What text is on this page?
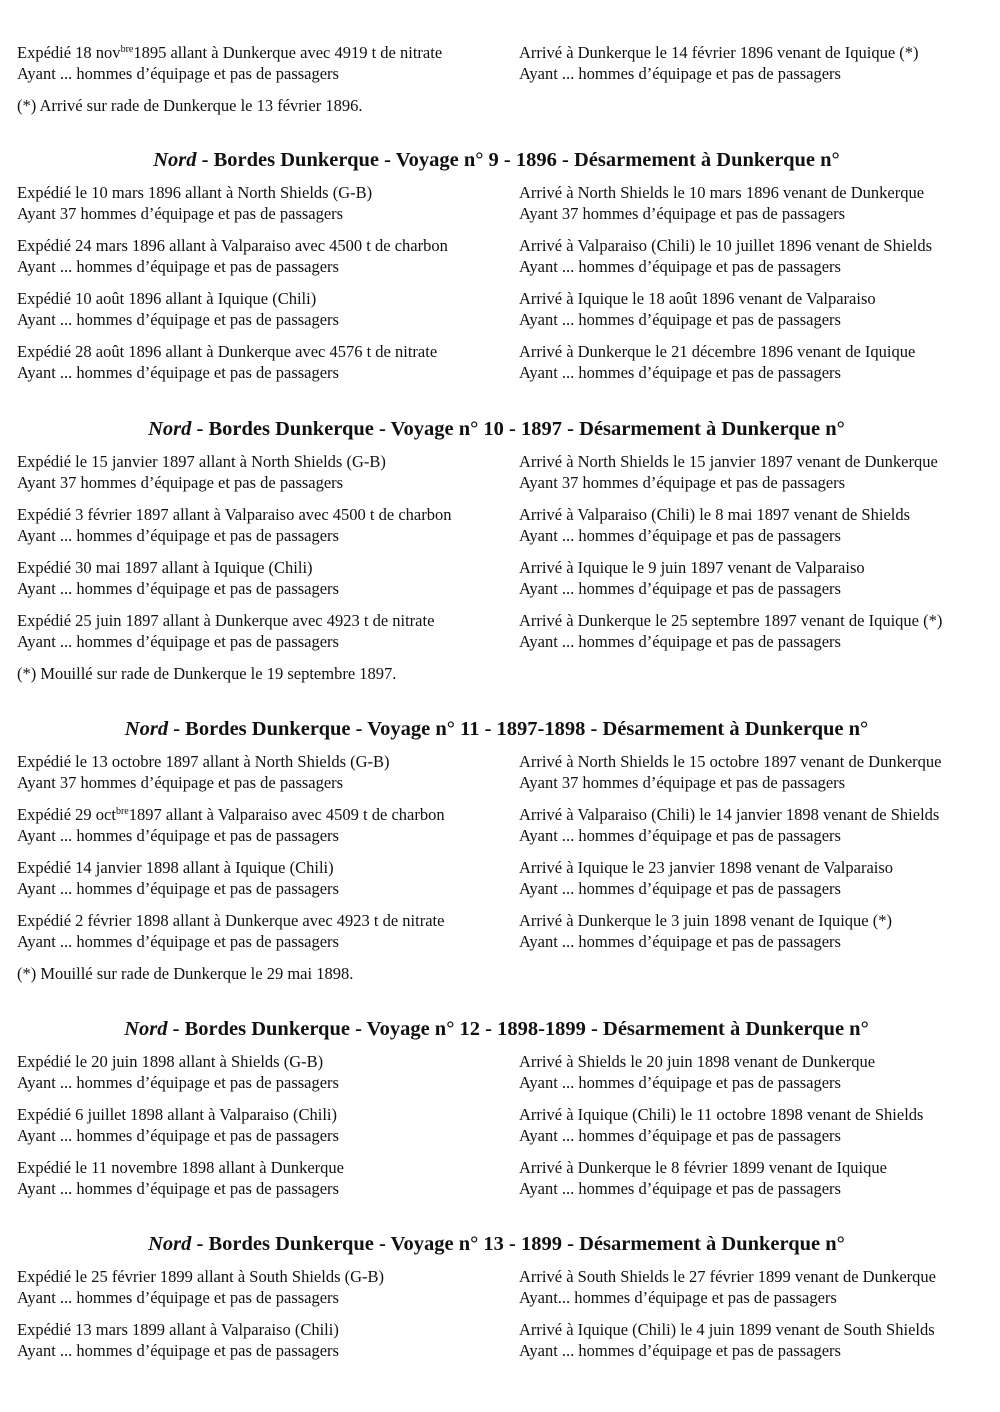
Expédié 18 nov$^{bre}$1895 allant à Dunkerque avec 4919 t de nitrate
Ayant ... hommes d’équipage et pas de passagers
Arrivé à Dunkerque le 14 février 1896 venant de Iquique (*)
Ayant ... hommes d’équipage et pas de passagers
(*) Arrivé sur rade de Dunkerque le 13 février 1896.
Nord - Bordes Dunkerque - Voyage n° 9 - 1896 - Désarmement à Dunkerque n°
Expédié le 10 mars 1896 allant à North Shields (G-B)
Ayant 37 hommes d’équipage et pas de passagers
Arrivé à North Shields le 10 mars 1896 venant de Dunkerque
Ayant 37 hommes d’équipage et pas de passagers
Expédié 24 mars 1896 allant à Valparaiso avec 4500 t de charbon
Ayant ... hommes d’équipage et pas de passagers
Arrivé à Valparaiso (Chili) le 10 juillet 1896 venant de Shields
Ayant ... hommes d’équipage et pas de passagers
Expédié 10 août 1896 allant à Iquique (Chili)
Ayant ... hommes d’équipage et pas de passagers
Arrivé à Iquique le 18 août 1896 venant de Valparaiso
Ayant ... hommes d’équipage et pas de passagers
Expédié 28 août 1896 allant à Dunkerque avec 4576 t de nitrate
Ayant ... hommes d’équipage et pas de passagers
Arrivé à Dunkerque le 21 décembre 1896 venant de Iquique
Ayant ... hommes d’équipage et pas de passagers
Nord - Bordes Dunkerque - Voyage n° 10 - 1897 - Désarmement à Dunkerque n°
Expédié le 15 janvier 1897 allant à North Shields (G-B)
Ayant 37 hommes d’équipage et pas de passagers
Arrivé à North Shields le 15 janvier 1897 venant de Dunkerque
Ayant 37 hommes d’équipage et pas de passagers
Expédié 3 février 1897 allant à Valparaiso avec 4500 t de charbon
Ayant ... hommes d’équipage et pas de passagers
Arrivé à Valparaiso (Chili) le 8 mai 1897 venant de Shields
Ayant ... hommes d’équipage et pas de passagers
Expédié 30 mai 1897 allant à Iquique (Chili)
Ayant ... hommes d’équipage et pas de passagers
Arrivé à Iquique le 9 juin 1897 venant de Valparaiso
Ayant ... hommes d’équipage et pas de passagers
Expédié 25 juin 1897 allant à Dunkerque avec 4923 t de nitrate
Ayant ... hommes d’équipage et pas de passagers
Arrivé à Dunkerque le 25 septembre 1897 venant de Iquique (*)
Ayant ... hommes d’équipage et pas de passagers
(*) Mouillé sur rade de Dunkerque le 19 septembre 1897.
Nord - Bordes Dunkerque - Voyage n° 11 - 1897-1898 - Désarmement à Dunkerque n°
Expédié le 13 octobre 1897 allant à North Shields (G-B)
Ayant 37 hommes d’équipage et pas de passagers
Arrivé à North Shields le 15 octobre 1897 venant de Dunkerque
Ayant 37 hommes d’équipage et pas de passagers
Expédié 29 oct$^{bre}$1897 allant à Valparaiso avec 4509 t de charbon
Ayant ... hommes d’équipage et pas de passagers
Arrivé à Valparaiso (Chili) le 14 janvier 1898 venant de Shields
Ayant ... hommes d’équipage et pas de passagers
Expédié 14 janvier 1898 allant à Iquique (Chili)
Ayant ... hommes d’équipage et pas de passagers
Arrivé à Iquique le 23 janvier 1898 venant de Valparaiso
Ayant ... hommes d’équipage et pas de passagers
Expédié 2 février 1898 allant à Dunkerque avec 4923 t de nitrate
Ayant ... hommes d’équipage et pas de passagers
Arrivé à Dunkerque le 3 juin 1898 venant de Iquique (*)
Ayant ... hommes d’équipage et pas de passagers
(*) Mouillé sur rade de Dunkerque le 29 mai 1898.
Nord - Bordes Dunkerque - Voyage n° 12 - 1898-1899 - Désarmement à Dunkerque n°
Expédié le 20 juin 1898 allant à Shields (G-B)
Ayant ... hommes d’équipage et pas de passagers
Arrivé à Shields le 20 juin 1898 venant de Dunkerque
Ayant ... hommes d’équipage et pas de passagers
Expédié 6 juillet 1898 allant à Valparaiso (Chili)
Ayant ... hommes d’équipage et pas de passagers
Arrivé à Iquique (Chili) le 11 octobre 1898 venant de Shields
Ayant ... hommes d’équipage et pas de passagers
Expédié le 11 novembre 1898 allant à Dunkerque
Ayant ... hommes d’équipage et pas de passagers
Arrivé à Dunkerque le 8 février 1899 venant de Iquique
Ayant ... hommes d’équipage et pas de passagers
Nord - Bordes Dunkerque - Voyage n° 13 - 1899 - Désarmement à Dunkerque n°
Expédié le 25 février 1899 allant à South Shields (G-B)
Ayant ... hommes d’équipage et pas de passagers
Arrivé à South Shields le 27 février 1899 venant de Dunkerque
Ayant... hommes d’équipage et pas de passagers
Expédié 13 mars 1899 allant à Valparaiso (Chili)
Ayant ... hommes d’équipage et pas de passagers
Arrivé à Iquique (Chili) le 4 juin 1899 venant de South Shields
Ayant ... hommes d’équipage et pas de passagers
